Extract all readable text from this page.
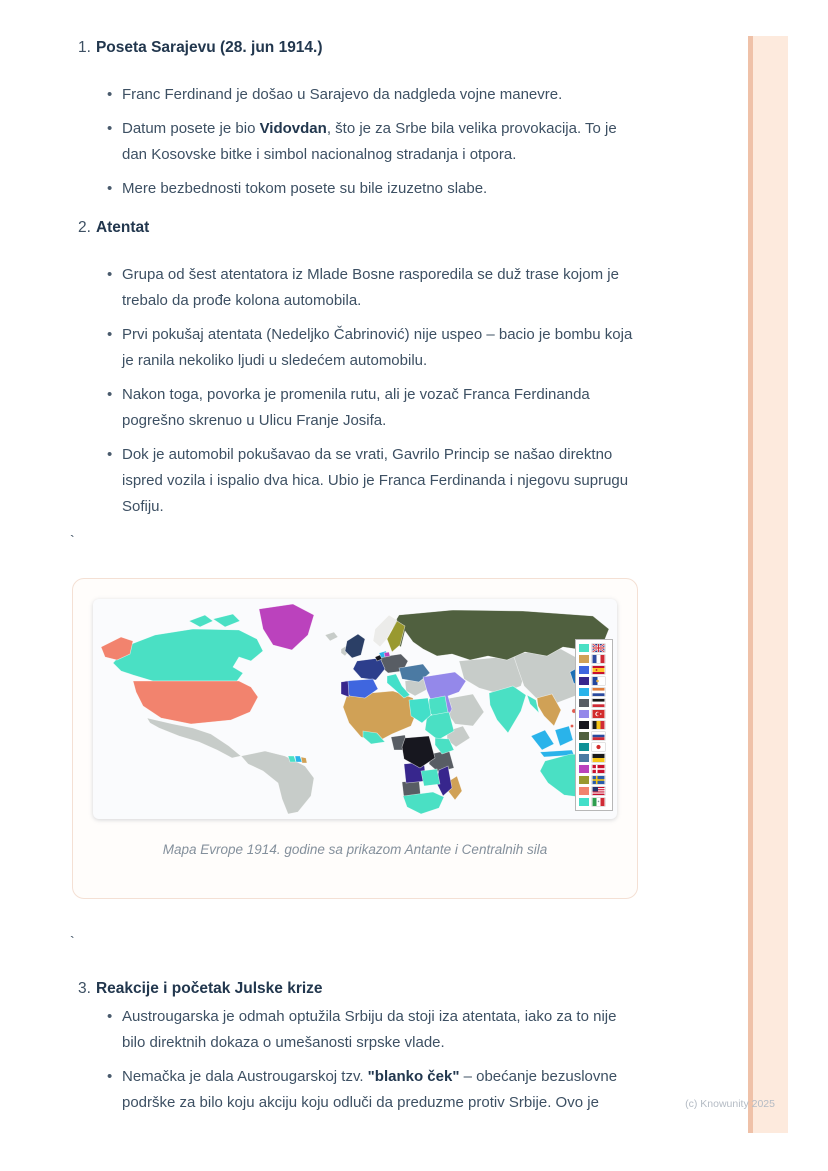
1. Poseta Sarajevu (28. jun 1914.)
• Franc Ferdinand je došao u Sarajevo da nadgleda vojne manevre.
• Datum posete je bio Vidovdan, što je za Srbe bila velika provokacija. To je dan Kosovske bitke i simbol nacionalnog stradanja i otpora.
• Mere bezbednosti tokom posete su bile izuzetno slabe.
2. Atentat
• Grupa od šest atentatora iz Mlade Bosne rasporedila se duž trase kojom je trebalo da prođe kolona automobila.
• Prvi pokušaj atentata (Nedeljko Čabrinović) nije uspeo – bacio je bombu koja je ranila nekoliko ljudi u sledećem automobilu.
• Nakon toga, povorka je promenila rutu, ali je vozač Franca Ferdinanda pogrešno skrenuo u Ulicu Franje Josifa.
• Dok je automobil pokušavao da se vrati, Gavrilo Princip se našao direktno ispred vozila i ispalio dva hica. Ubio je Franca Ferdinanda i njegovu suprugu Sofiju.
`
Mapa Evrope 1914. godine sa prikazom Antante i Centralnih sila
`
3. Reakcije i početak Julske krize
• Austrougarska je odmah optužila Srbiju da stoji iza atentata, iako za to nije bilo direktnih dokaza o umešanosti srpske vlade.
• Nemačka je dala Austrougarskoj tzv. "blanko ček" – obećanje bezuslovne podrške za bilo koju akciju koju odluči da preduzme protiv Srbije. Ovo je	(c) Knowunity 2025
